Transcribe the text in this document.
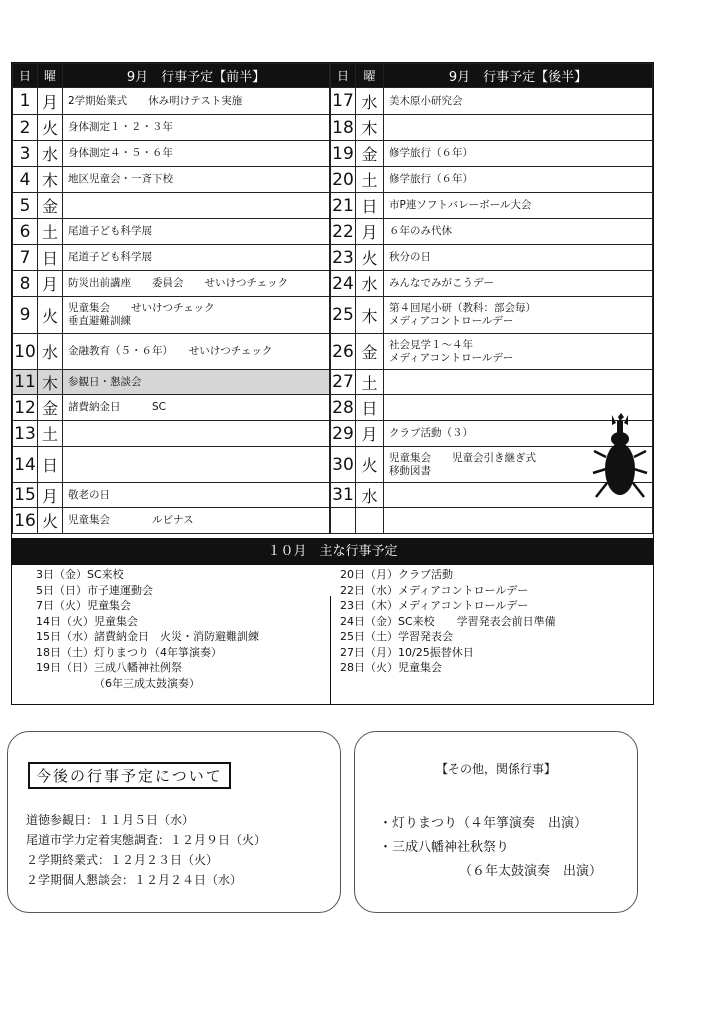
日	曜	9月　行事予定【前半】
1	月	2学期始業式　　休み明けテスト実施

2	火	身体測定１・２・３年

3	水	身体測定４・５・６年

4	木	地区児童会・一斉下校

5	金	

6	土	尾道子ども科学展

7	日	尾道子ども科学展

8	月	防災出前講座　　委員会　　せいけつチェック

9	火	児童集会　　せいけつチェック
垂直避難訓練

10	水	金融教育（５・６年）　　せいけつチェック

11	木	参観日・懇談会

12	金	諸費納金日　　　SC

13	土	

14	日	

15	月	敬老の日

16	火	児童集会　　　　ルビナス
日	曜	9月　行事予定【後半】
17	水	美木原小研究会

18	木	

19	金	修学旅行（６年）

20	土	修学旅行（６年）

21	日	市P連ソフトバレーボール大会

22	月	６年のみ代休

23	火	秋分の日

24	水	みんなでみがこうデー

25	木	第４回尾小研（教科：部会毎）
メディアコントロールデー

26	金	社会見学１～４年
メディアコントロールデー

27	土	

28	日	

29	月	クラブ活動（３）

30	火	児童集会　　児童会引き継ぎ式
移動図書

31	水	

１０月　主な行事予定
3日（金）SC来校
5日（日）市子連運動会
7日（火）児童集会
14日（火）児童集会
15日（水）諸費納金日　火災・消防避難訓練
18日（土）灯りまつり（4年箏演奏）
19日（日）三成八幡神社例祭
（6年三成太鼓演奏）
20日（月）クラブ活動
22日（水）メディアコントロールデー
23日（木）メディアコントロールデー
24日（金）SC来校　　学習発表会前日準備
25日（土）学習発表会
27日（月）10/25振替休日
28日（火）児童集会
今後の行事予定について
道徳参観日：１１月５日（水）
尾道市学力定着実態調査：１２月９日（火）
２学期終業式：１２月２３日（火）
２学期個人懇談会：１２月２４日（水）
【その他，関係行事】
・灯りまつり（４年箏演奏　出演）
・三成八幡神社秋祭り
（６年太鼓演奏　出演）
